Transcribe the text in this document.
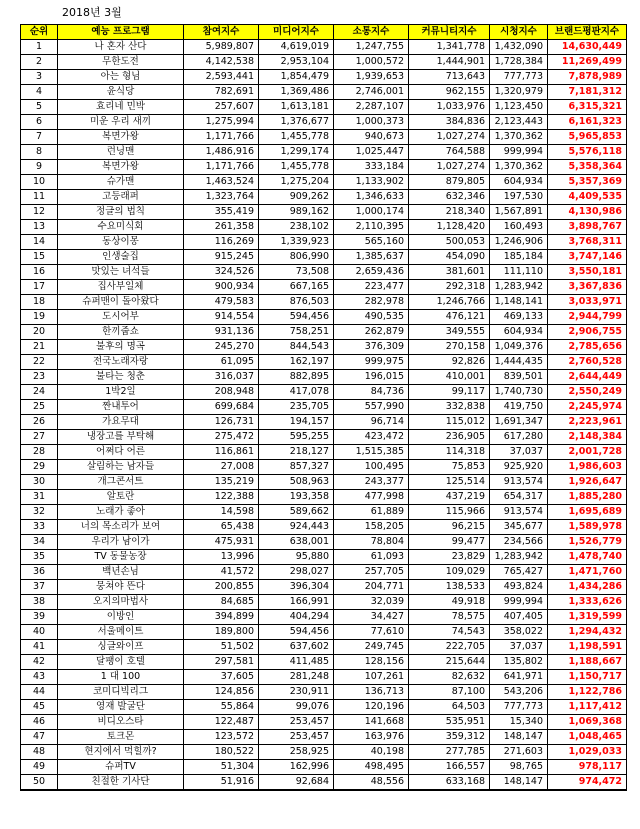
2018년 3월
순위	예능 프로그램	참여지수	미디어지수	소통지수	커뮤니티지수	시청지수	브랜드평판지수
1	나 혼자 산다	5,989,807	4,619,019	1,247,755	1,341,778	1,432,090	14,630,449
2	무한도전	4,142,538	2,953,104	1,000,572	1,444,901	1,728,384	11,269,499
3	아는 형님	2,593,441	1,854,479	1,939,653	713,643	777,773	7,878,989
4	윤식당	782,691	1,369,486	2,746,001	962,155	1,320,979	7,181,312
5	효리네 민박	257,607	1,613,181	2,287,107	1,033,976	1,123,450	6,315,321
6	미운 우리 새끼	1,275,994	1,376,677	1,000,373	384,836	2,123,443	6,161,323
7	복면가왕	1,171,766	1,455,778	940,673	1,027,274	1,370,362	5,965,853
8	런닝맨	1,486,916	1,299,174	1,025,447	764,588	999,994	5,576,118
9	복면가왕	1,171,766	1,455,778	333,184	1,027,274	1,370,362	5,358,364
10	슈가맨	1,463,524	1,275,204	1,133,902	879,805	604,934	5,357,369
11	고등래퍼	1,323,764	909,262	1,346,633	632,346	197,530	4,409,535
12	정글의 법칙	355,419	989,162	1,000,174	218,340	1,567,891	4,130,986
13	수요미식회	261,358	238,102	2,110,395	1,128,420	160,493	3,898,767
14	동상이몽	116,269	1,339,923	565,160	500,053	1,246,906	3,768,311
15	인생술집	915,245	806,990	1,385,637	454,090	185,184	3,747,146
16	맛있는 녀석들	324,526	73,508	2,659,436	381,601	111,110	3,550,181
17	집사부일체	900,934	667,165	223,477	292,318	1,283,942	3,367,836
18	슈퍼맨이 돌아왔다	479,583	876,503	282,978	1,246,766	1,148,141	3,033,971
19	도시어부	914,554	594,456	490,535	476,121	469,133	2,944,799
20	한끼줍쇼	931,136	758,251	262,879	349,555	604,934	2,906,755
21	불후의 명곡	245,270	844,543	376,309	270,158	1,049,376	2,785,656
22	전국노래자랑	61,095	162,197	999,975	92,826	1,444,435	2,760,528
23	불타는 청춘	316,037	882,895	196,015	410,001	839,501	2,644,449
24	1박2일	208,948	417,078	84,736	99,117	1,740,730	2,550,249
25	짠내투어	699,684	235,705	557,990	332,838	419,750	2,245,974
26	가요무대	126,731	194,157	96,714	115,012	1,691,347	2,223,961
27	냉장고를 부탁해	275,472	595,255	423,472	236,905	617,280	2,148,384
28	어쩌다 어른	116,861	218,127	1,515,385	114,318	37,037	2,001,728
29	살림하는 남자들	27,008	857,327	100,495	75,853	925,920	1,986,603
30	개그콘서트	135,219	508,963	243,377	125,514	913,574	1,926,647
31	알토란	122,388	193,358	477,998	437,219	654,317	1,885,280
32	노래가 좋아	14,598	589,662	61,889	115,966	913,574	1,695,689
33	너의 목소리가 보여	65,438	924,443	158,205	96,215	345,677	1,589,978
34	우리가 남이가	475,931	638,001	78,804	99,477	234,566	1,526,779
35	TV 동물농장	13,996	95,880	61,093	23,829	1,283,942	1,478,740
36	백년손님	41,572	298,027	257,705	109,029	765,427	1,471,760
37	뭉쳐야 뜬다	200,855	396,304	204,771	138,533	493,824	1,434,286
38	오지의마법사	84,685	166,991	32,039	49,918	999,994	1,333,626
39	이방인	394,899	404,294	34,427	78,575	407,405	1,319,599
40	서울메이트	189,800	594,456	77,610	74,543	358,022	1,294,432
41	싱글와이프	51,502	637,602	249,745	222,705	37,037	1,198,591
42	달팽이 호텔	297,581	411,485	128,156	215,644	135,802	1,188,667
43	1 대 100	37,605	281,248	107,261	82,632	641,971	1,150,717
44	코미디빅리그	124,856	230,911	136,713	87,100	543,206	1,122,786
45	영재 발굴단	55,864	99,076	120,196	64,503	777,773	1,117,412
46	비디오스타	122,487	253,457	141,668	535,951	15,340	1,069,368
47	토크몬	123,572	253,457	163,976	359,312	148,147	1,048,465
48	현지에서 먹힐까?	180,522	258,925	40,198	277,785	271,603	1,029,033
49	슈퍼TV	51,304	162,996	498,495	166,557	98,765	978,117
50	친절한 기사단	51,916	92,684	48,556	633,168	148,147	974,472
